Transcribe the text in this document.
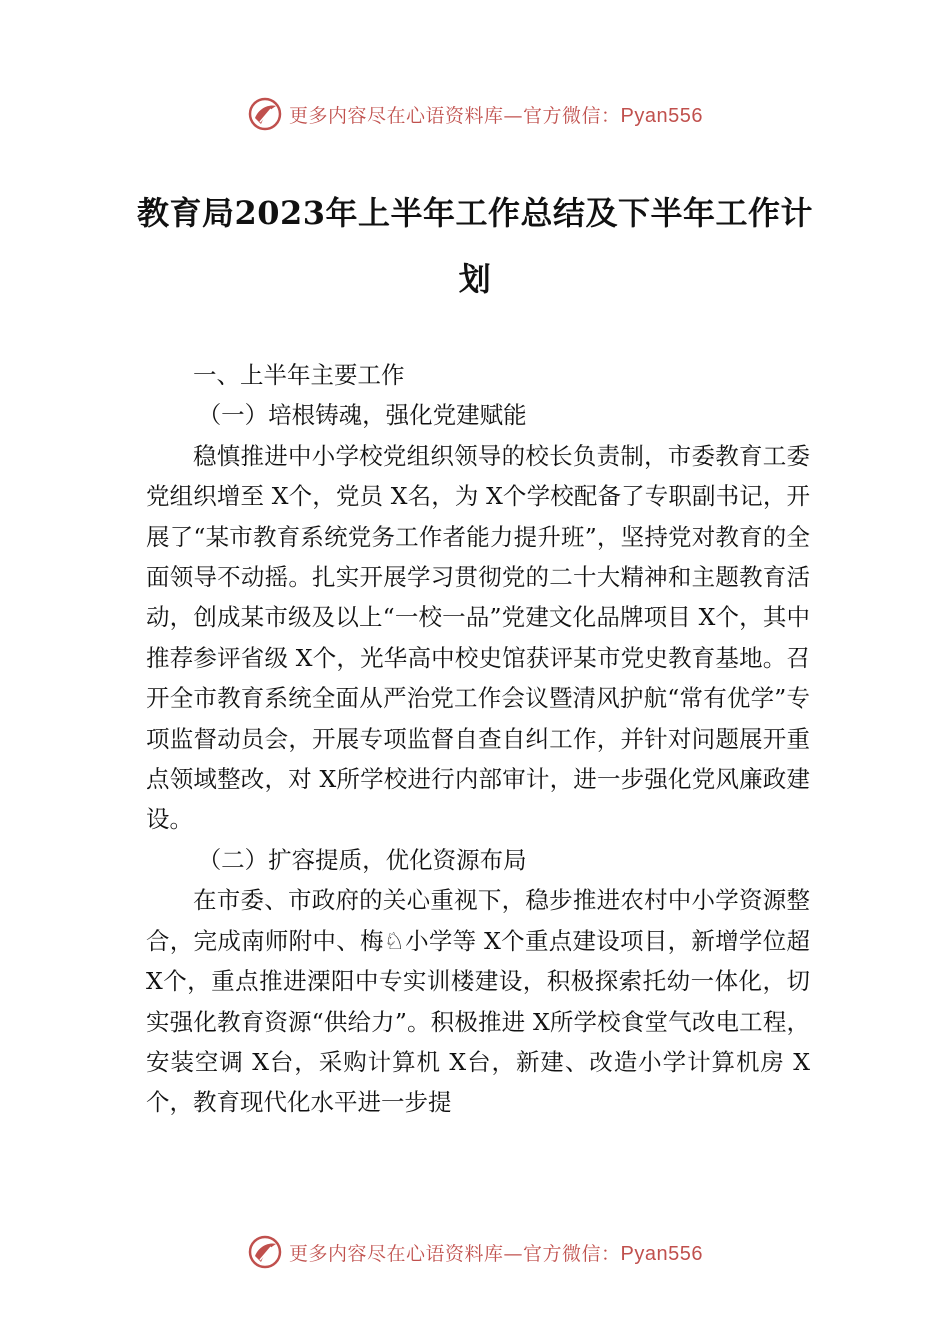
更多内容尽在心语资料库—官方微信：Pyan556
教育局2023年上半年工作总结及下半年工作计划

一、上半年主要工作

（一）培根铸魂，强化党建赋能

稳慎推进中小学校党组织领导的校长负责制，市委教育工委党组织增至 X个，党员 X名，为 X个学校配备了专职副书记，开展了“某市教育系统党务工作者能力提升班”，坚持党对教育的全面领导不动摇。扎实开展学习贯彻党的二十大精神和主题教育活动，创成某市级及以上“一校一品”党建文化品牌项目 X个，其中推荐参评省级 X个，光华高中校史馆获评某市党史教育基地。召开全市教育系统全面从严治党工作会议暨清风护航“常有优学”专项监督动员会，开展专项监督自查自纠工作，并针对问题展开重点领域整改，对 X所学校进行内部审计，进一步强化党风廉政建设。

（二）扩容提质，优化资源布局

在市委、市政府的关心重视下，稳步推进农村中小学资源整合，完成南师附中、梅♘小学等 X个重点建设项目，新增学位超 X个，重点推进溧阳中专实训楼建设，积极探索托幼一体化，切实强化教育资源“供给力”。积极推进 X所学校食堂气改电工程，安装空调 X台，采购计算机 X台，新建、改造小学计算机房 X 个，教育现代化水平进一步提

更多内容尽在心语资料库—官方微信：Pyan556
